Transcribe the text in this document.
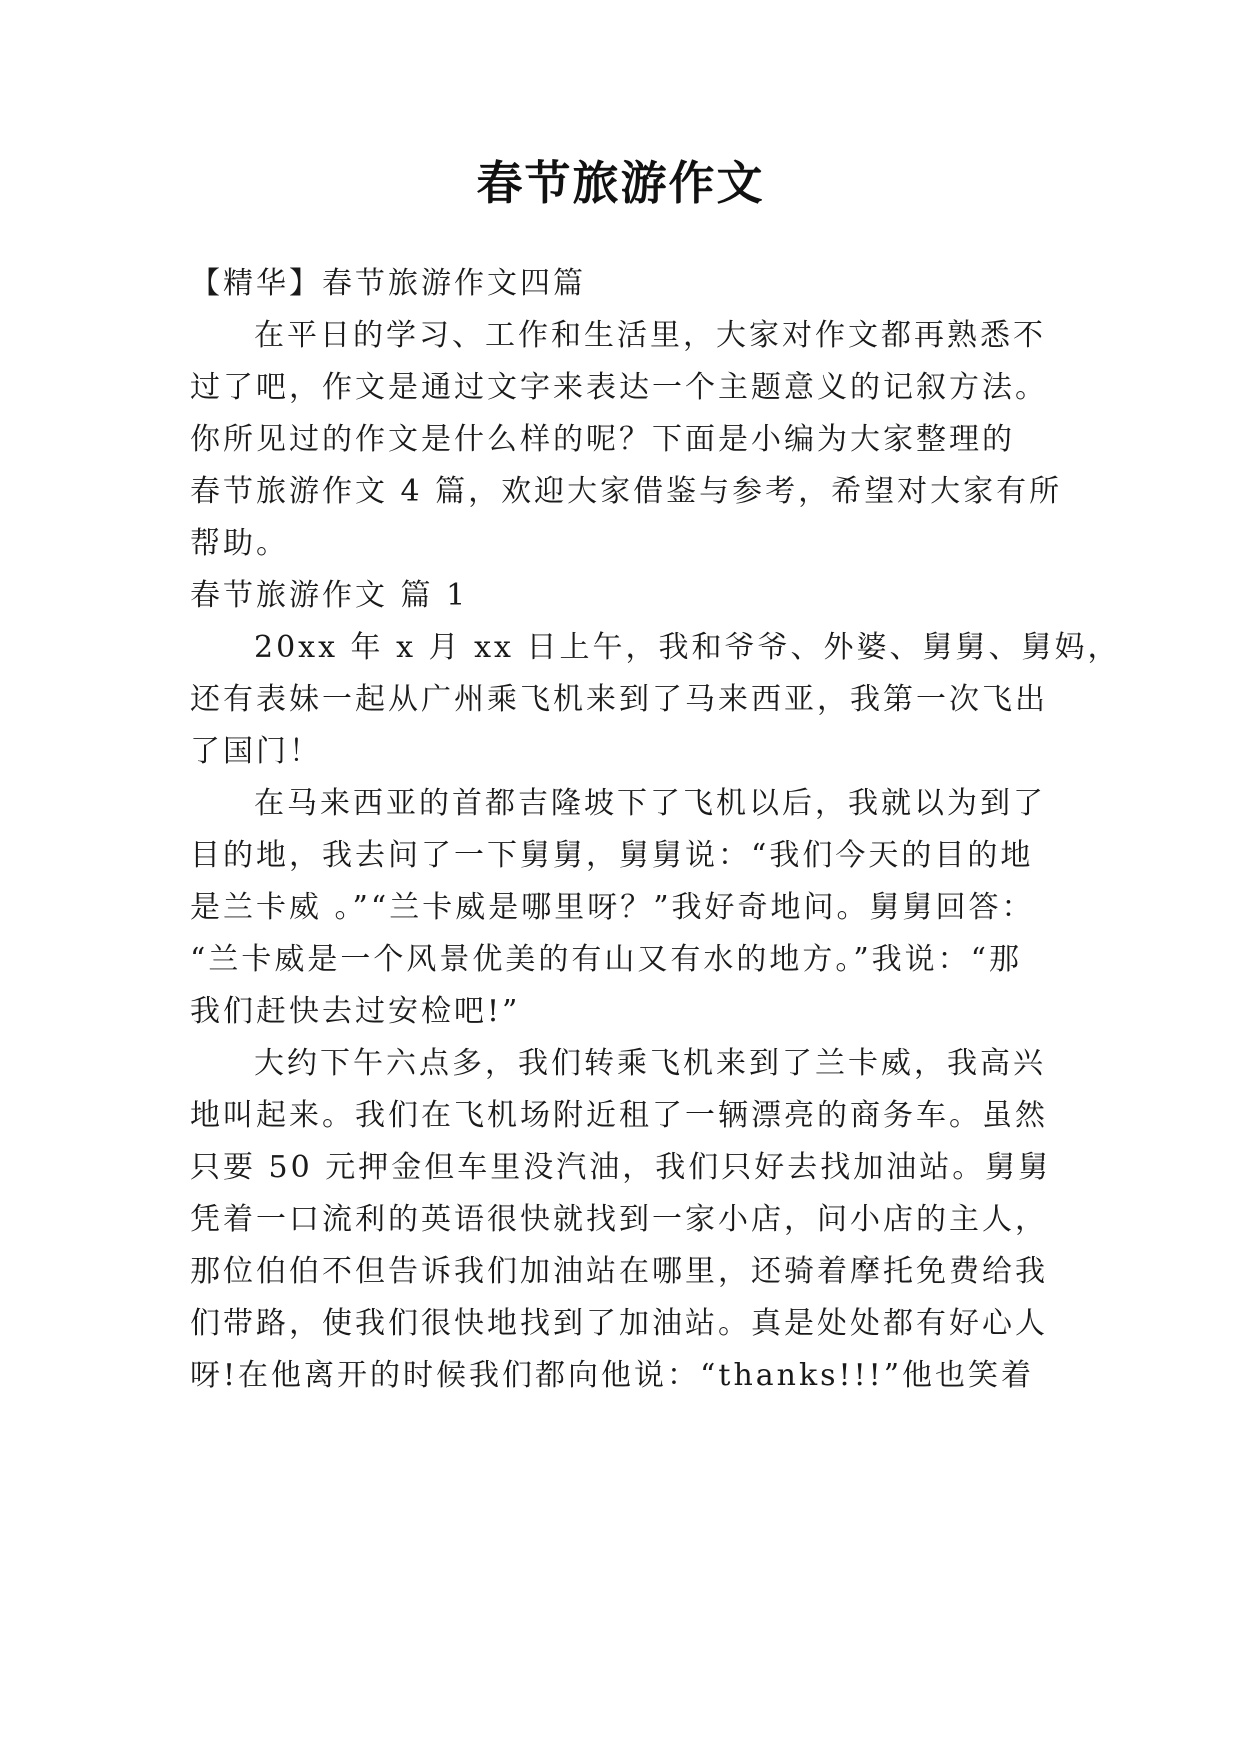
春节旅游作文
【精华】春节旅游作文四篇
在平日的学习、工作和生活里，大家对作文都再熟悉不
过了吧，作文是通过文字来表达一个主题意义的记叙方法。
你所见过的作文是什么样的呢？下面是小编为大家整理的
春节旅游作文 4 篇，欢迎大家借鉴与参考，希望对大家有所
帮助。
春节旅游作文 篇 1
20xx 年 x 月 xx 日上午，我和爷爷、外婆、舅舅、舅妈，
还有表妹一起从广州乘飞机来到了马来西亚，我第一次飞出
了国门！
在马来西亚的首都吉隆坡下了飞机以后，我就以为到了
目的地，我去问了一下舅舅，舅舅说：“我们今天的目的地
是兰卡威 。”“兰卡威是哪里呀？”我好奇地问。舅舅回答：
“兰卡威是一个风景优美的有山又有水的地方。”我说：“那
我们赶快去过安检吧!”
大约下午六点多，我们转乘飞机来到了兰卡威，我高兴
地叫起来。我们在飞机场附近租了一辆漂亮的商务车。虽然
只要 50 元押金但车里没汽油，我们只好去找加油站。舅舅
凭着一口流利的英语很快就找到一家小店，问小店的主人，
那位伯伯不但告诉我们加油站在哪里，还骑着摩托免费给我
们带路，使我们很快地找到了加油站。真是处处都有好心人
呀!在他离开的时候我们都向他说：“thanks!!!”他也笑着
